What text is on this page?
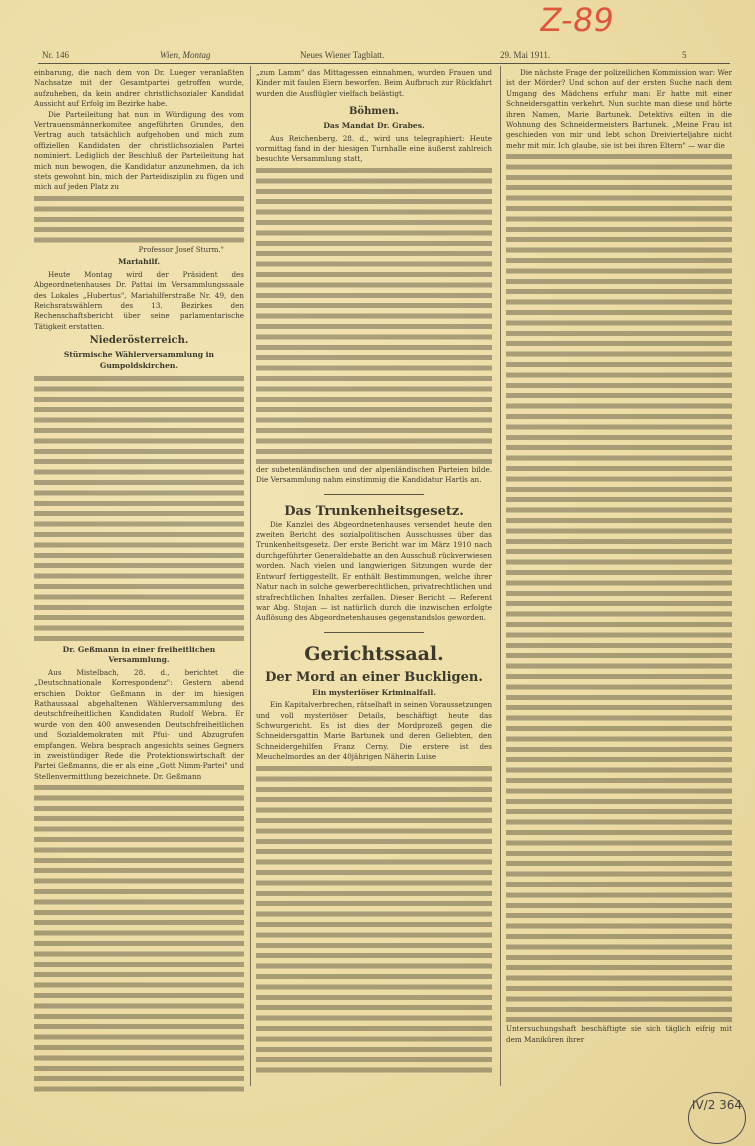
Z-89
Nr. 146	Wien, Montag	Neues Wiener Tagblatt.	29. Mai 1911.	5

einbarung, die nach dem von Dr. Lueger veranlaßten Nachsatze mit der Gesamtpartei getroffen wurde, aufzuheben, da kein andrer christlichsozialer Kandidat Aussicht auf Erfolg im Bezirke habe.

Die Parteileitung hat nun in Würdigung des vom Vertrauensmännerkomitee angeführten Grundes, den Vertrag auch tatsächlich aufgehoben und mich zum offiziellen Kandidaten der christlichsozialen Partei nominiert. Lediglich der Beschluß der Parteileitung hat mich nun bewogen, die Kandidatur anzunehmen, da ich stets gewohnt bin, mich der Parteidisziplin zu fügen und mich auf jeden Platz zu

Professor Josef Sturm."
Mariahilf.

Heute Montag wird der Präsident des Abgeordnetenhauses Dr. Pattai im Versammlungssaale des Lokales „Hubertus", Mariahilferstraße Nr. 49, den Reichsratswählern des 13. Bezirkes den Rechenschaftsbericht über seine parlamentarische Tätigkeit erstatten.

Niederösterreich.
Stürmische Wählerversammlung in Gumpoldskirchen.
Dr. Geßmann in einer freiheitlichen Versammlung.

Aus Mistelbach, 28. d., berichtet die „Deutschnationale Korrespondenz": Gestern abend erschien Doktor Geßmann in der im hiesigen Rathaussaal abgehaltenen Wählerversammlung des deutschfreiheitlichen Kandidaten Rudolf Webra. Er wurde von den 400 anwesenden Deutschfreiheitlichen und Sozialdemokraten mit Pfui- und Abzugrufen empfangen. Webra besprach angesichts seines Gegners in zweistündiger Rede die Protektionswirtschaft der Partei Geßmanns, die er als eine „Gott Nimm-Partei" und Stellenvermittlung bezeichnete. Dr. Geßmann

„zum Lamm" das Mittagessen einnahmen, wurden Frauen und Kinder mit faulen Eiern beworfen. Beim Aufbruch zur Rückfahrt wurden die Ausflügler vielfach belästigt.

Böhmen.
Das Mandat Dr. Grabes.

Aus Reichenberg, 28. d., wird uns telegraphiert: Heute vormittag fand in der hiesigen Turnhalle eine äußerst zahlreich besuchte Versammlung statt,

der subetenländischen und der alpenländischen Parteien bilde. Die Versammlung nahm einstimmig die Kandidatur Hartls an.

Das Trunkenheitsgesetz.

Die Kanzlei des Abgeordnetenhauses versendet heute den zweiten Bericht des sozialpolitischen Ausschusses über das Trunkenheitsgesetz. Der erste Bericht war im März 1910 nach durchgeführter Generaldebatte an den Ausschuß rückverwiesen worden. Nach vielen und langwierigen Sitzungen wurde der Entwurf fertiggestellt. Er enthält Bestimmungen, welche ihrer Natur nach in solche gewerberechtlichen, privatrechtlichen und strafrechtlichen Inhaltes zerfallen. Dieser Bericht — Referent war Abg. Stojan — ist natürlich durch die inzwischen erfolgte Auflösung des Abgeordnetenhauses gegenstandslos geworden.

Gerichtssaal.
Der Mord an einer Buckligen.
Ein mysteriöser Kriminalfall.

Ein Kapitalverbrechen, rätselhaft in seinen Voraussetzungen und voll mysteriöser Details, beschäftigt heute das Schwurgericht. Es ist dies der Mordprozeß gegen die Schneidersgattin Marie Bartunek und deren Geliebten, den Schneidergehilfen Franz Cerny. Die erstere ist des Meuchelmordes an der 40jährigen Näherin Luise

Die nächste Frage der polizeilichen Kommission war: Wer ist der Mörder? Und schon auf der ersten Suche nach dem Umgang des Mädchens erfuhr man: Er hatte mit einer Schneidersgattin verkehrt. Nun suchte man diese und hörte ihren Namen, Marie Bartunek. Detektivs eilten in die Wohnung des Schneidermeisters Bartunek. „Meine Frau ist geschieden von mir und lebt schon Dreivierteljahre nicht mehr mit mir. Ich glaube, sie ist bei ihren Eltern" — war die

Untersuchungshaft beschäftigte sie sich täglich eifrig mit dem Maniküren ihrer

IV/2 364
